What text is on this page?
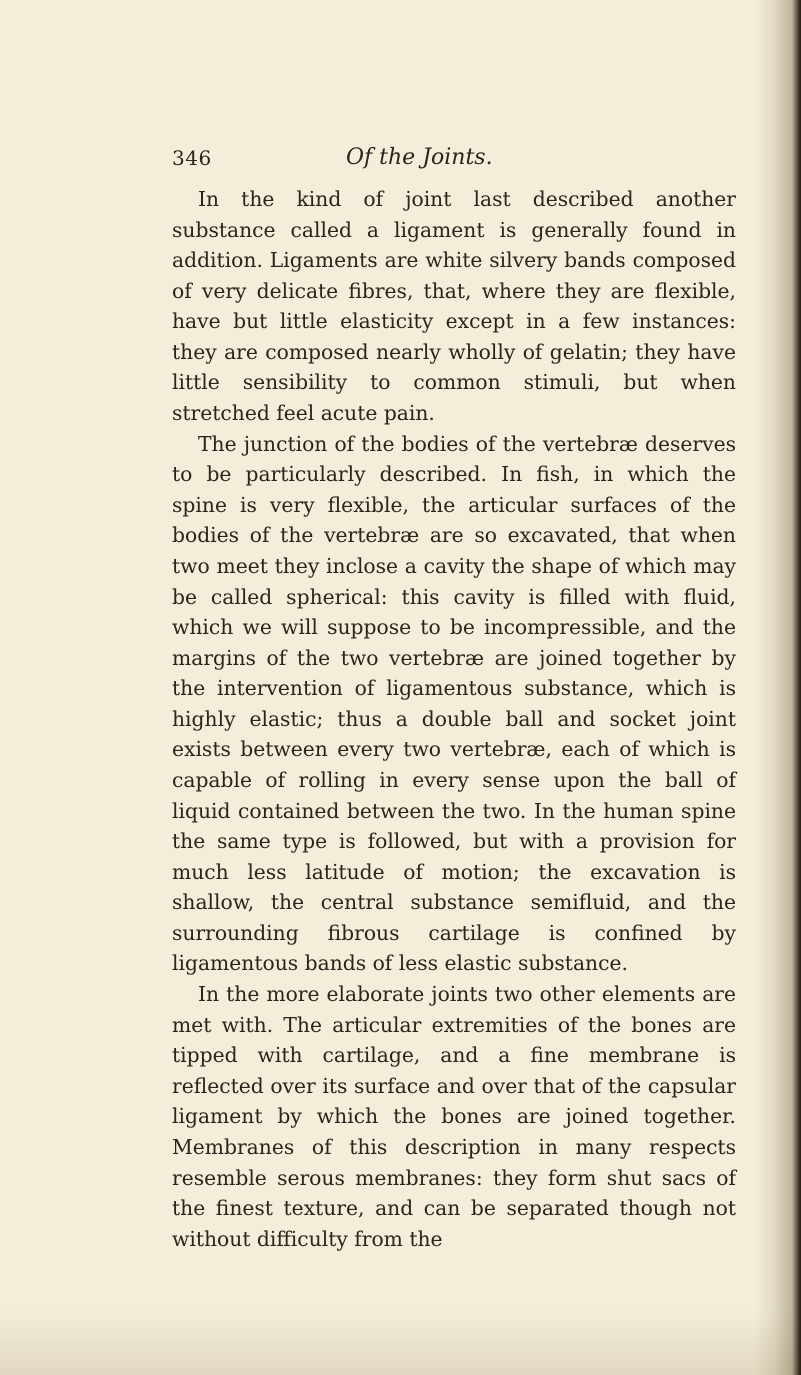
346	Of the Joints.

In the kind of joint last described another substance called a ligament is generally found in addition. Ligaments are white silvery bands composed of very delicate fibres, that, where they are flexible, have but little elasticity except in a few instances: they are composed nearly wholly of gelatin; they have little sensibility to common stimuli, but when stretched feel acute pain.

The junction of the bodies of the vertebræ deserves to be particularly described. In fish, in which the spine is very flexible, the articular surfaces of the bodies of the vertebræ are so excavated, that when two meet they inclose a cavity the shape of which may be called spherical: this cavity is filled with fluid, which we will suppose to be incompressible, and the margins of the two vertebræ are joined together by the intervention of ligamentous substance, which is highly elastic; thus a double ball and socket joint exists between every two vertebræ, each of which is capable of rolling in every sense upon the ball of liquid contained between the two. In the human spine the same type is followed, but with a provision for much less latitude of motion; the excavation is shallow, the central substance semifluid, and the surrounding fibrous cartilage is confined by ligamentous bands of less elastic substance.

In the more elaborate joints two other elements are met with. The articular extremities of the bones are tipped with cartilage, and a fine membrane is reflected over its surface and over that of the capsular ligament by which the bones are joined together. Membranes of this description in many respects resemble serous membranes: they form shut sacs of the finest texture, and can be separated though not without difficulty from the
